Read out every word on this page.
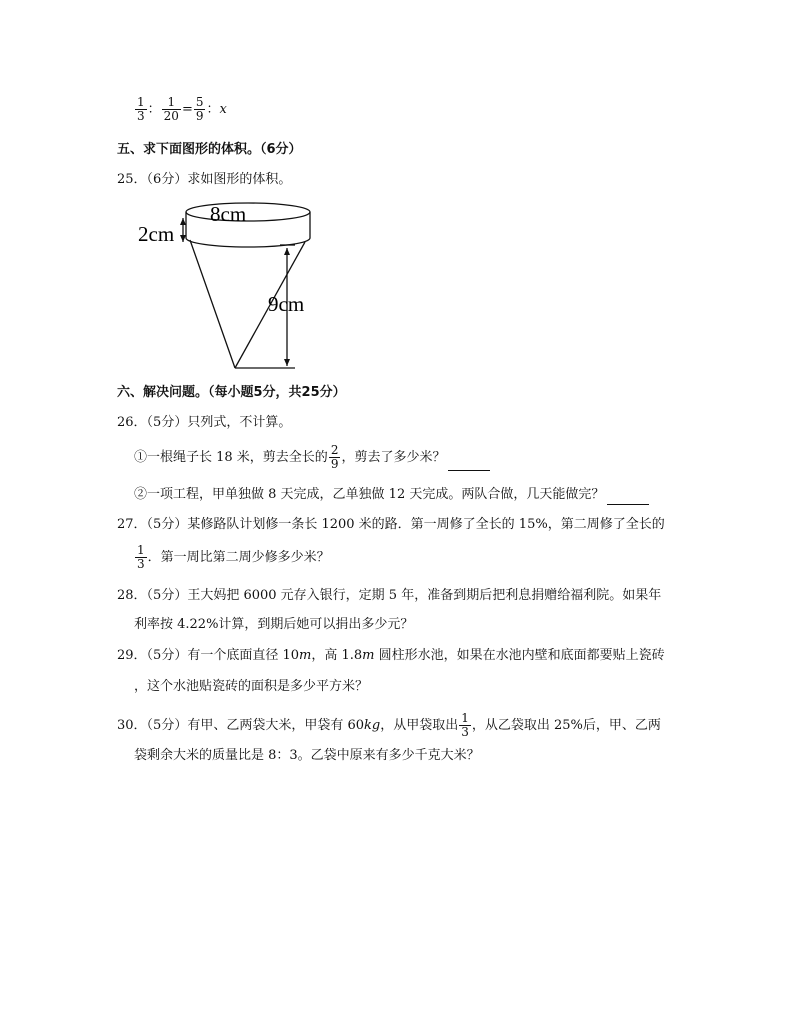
$\frac{1}{3}$ ： $\frac{1}{20} = \frac{5}{9}$ ：x
五、求下面图形的体积。（6分）
25．（6分）求如图形的体积。
8cm
2cm
9cm
六、解决问题。（每小题5分，共25分）
26．（5分）只列式，不计算。
①一根绳子长 18 米，剪去全长的 $\frac{2}{9}$ ，剪去了多少米？
②一项工程，甲单独做 8 天完成，乙单独做 12 天完成。两队合做，几天能做完？
27．（5分）某修路队计划修一条长 1200 米的路．第一周修了全长的 15%，第二周修了全长的
$\frac{1}{3}$ ．第一周比第二周少修多少米？
28．（5分）王大妈把 6000 元存入银行，定期 5 年，准备到期后把利息捐赠给福利院。如果年
利率按 4.22%计算，到期后她可以捐出多少元？
29．（5分）有一个底面直径 10m，高 1.8m 圆柱形水池，如果在水池内壁和底面都要贴上瓷砖
，这个水池贴瓷砖的面积是多少平方米？
30．（5分）有甲、乙两袋大米，甲袋有 60kg，从甲袋取出 $\frac{1}{3}$ ，从乙袋取出 25%后，甲、乙两
袋剩余大米的质量比是 8：3。乙袋中原来有多少千克大米？
